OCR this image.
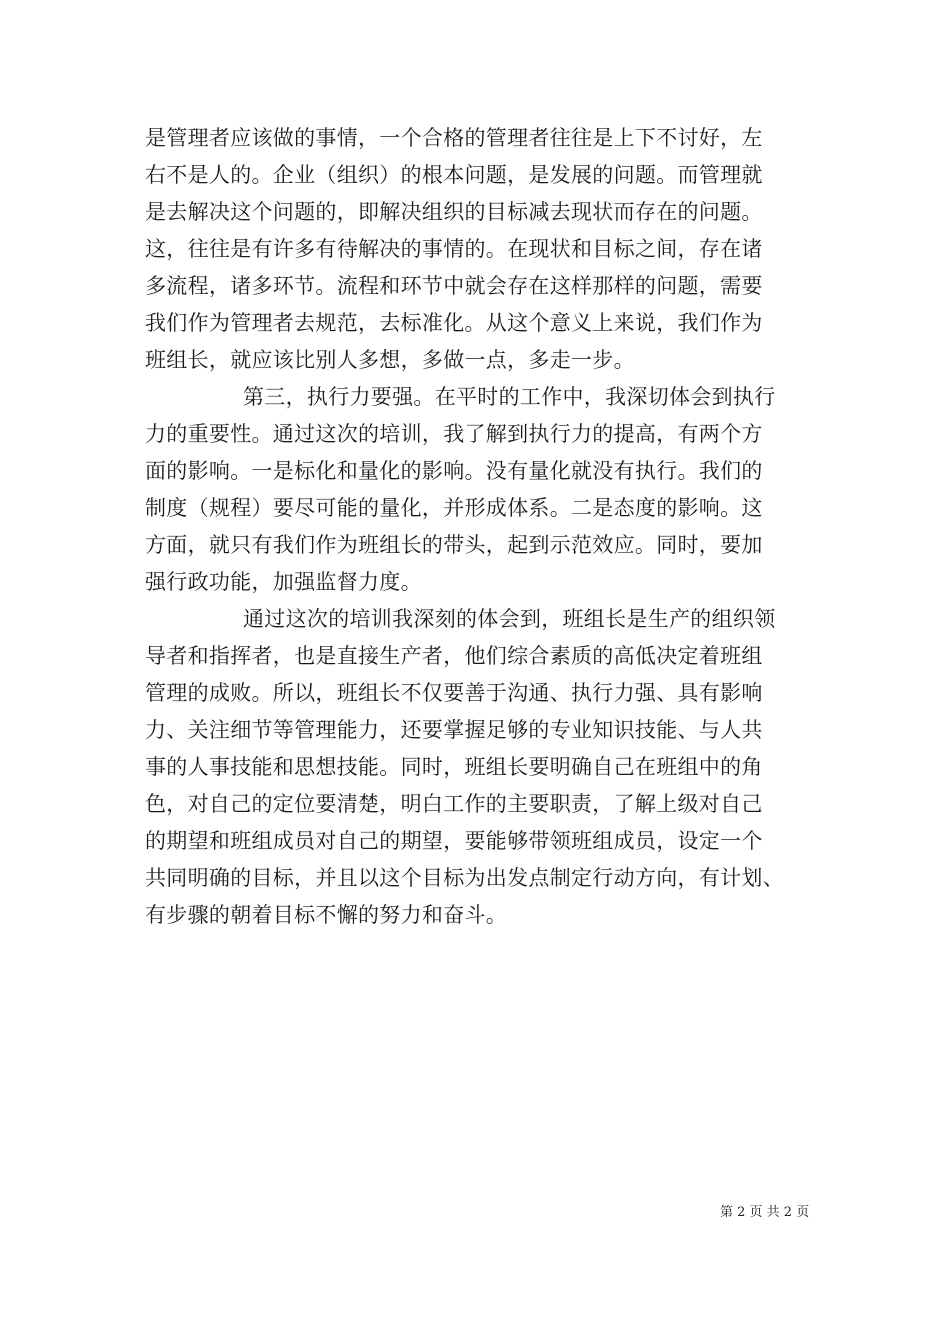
是管理者应该做的事情，一个合格的管理者往往是上下不讨好，左
右不是人的。企业（组织）的根本问题，是发展的问题。而管理就
是去解决这个问题的，即解决组织的目标减去现状而存在的问题。
这，往往是有许多有待解决的事情的。在现状和目标之间，存在诸
多流程，诸多环节。流程和环节中就会存在这样那样的问题，需要
我们作为管理者去规范，去标准化。从这个意义上来说，我们作为
班组长，就应该比别人多想，多做一点，多走一步。
第三，执行力要强。在平时的工作中，我深切体会到执行
力的重要性。通过这次的培训，我了解到执行力的提高，有两个方
面的影响。一是标化和量化的影响。没有量化就没有执行。我们的
制度（规程）要尽可能的量化，并形成体系。二是态度的影响。这
方面，就只有我们作为班组长的带头，起到示范效应。同时，要加
强行政功能，加强监督力度。
通过这次的培训我深刻的体会到，班组长是生产的组织领
导者和指挥者，也是直接生产者，他们综合素质的高低决定着班组
管理的成败。所以，班组长不仅要善于沟通、执行力强、具有影响
力、关注细节等管理能力，还要掌握足够的专业知识技能、与人共
事的人事技能和思想技能。同时，班组长要明确自己在班组中的角
色，对自己的定位要清楚，明白工作的主要职责，了解上级对自己
的期望和班组成员对自己的期望，要能够带领班组成员，设定一个
共同明确的目标，并且以这个目标为出发点制定行动方向，有计划、
有步骤的朝着目标不懈的努力和奋斗。
第 2 页 共 2 页
